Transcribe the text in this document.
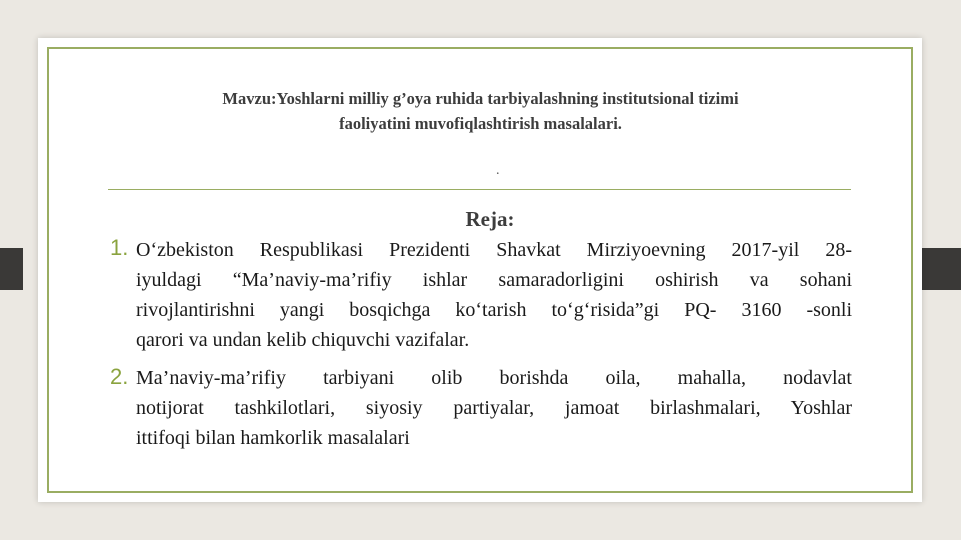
Mavzu:Yoshlarni milliy g’oya ruhida tarbiyalashning institutsional tizimi
faoliyatini muvofiqlashtirish masalalari.
.
Reja:
1. O‘zbekiston Respublikasi Prezidenti Shavkat Mirziyoevning 2017-yil 28-
iyuldagi “Ma’naviy-ma’rifiy ishlar samaradorligini oshirish va sohani
rivojlantirishni yangi bosqichga ko‘tarish to‘g‘risida”gi PQ- 3160 -sonli
qarori va undan kelib chiquvchi vazifalar.
2. Ma’naviy-ma’rifiy tarbiyani olib borishda oila, mahalla, nodavlat
notijorat tashkilotlari, siyosiy partiyalar, jamoat birlashmalari, Yoshlar
ittifoqi bilan hamkorlik masalalari
